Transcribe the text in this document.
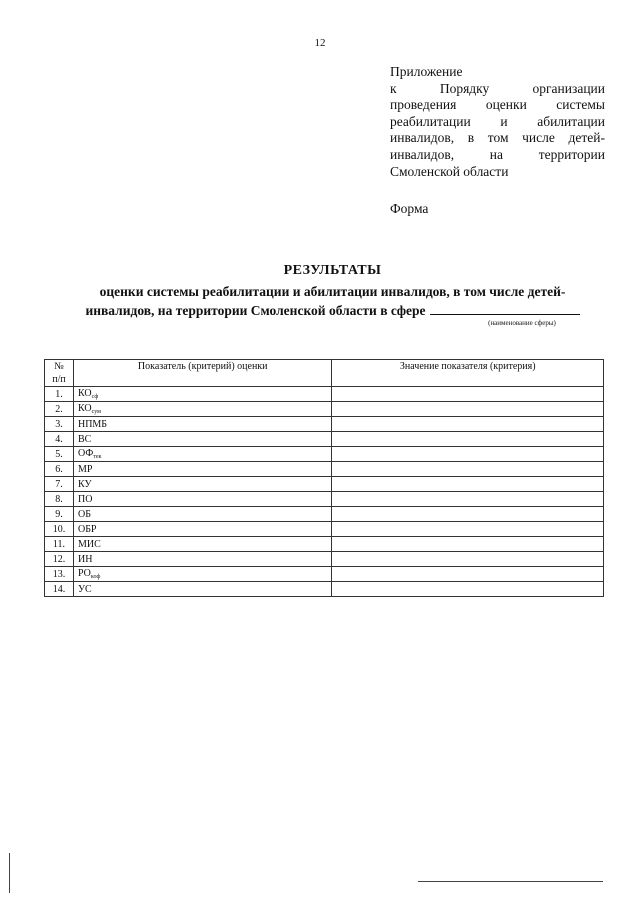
12
Приложение
к Порядку организации
проведения оценки системы
реабилитации и абилитации
инвалидов, в том числе детей-
инвалидов, на территории
Смоленской области
Форма
РЕЗУЛЬТАТЫ
оценки системы реабилитации и абилитации инвалидов, в том числе детей-
инвалидов, на территории Смоленской области в сфере
(наименование сферы)
№
п/п	Показатель (критерий) оценки	Значение показателя (критерия)
1.	$КО_{сф}$	
2.	$КО_{сум}$	
3.	НПМБ	
4.	ВС	
5.	$ОФ_{тек}$	
6.	МР	
7.	КУ	
8.	ПО	
9.	ОБ	
10.	ОБР	
11.	МИС	
12.	ИН	
13.	$РО_{коф}$	
14.	УС	
